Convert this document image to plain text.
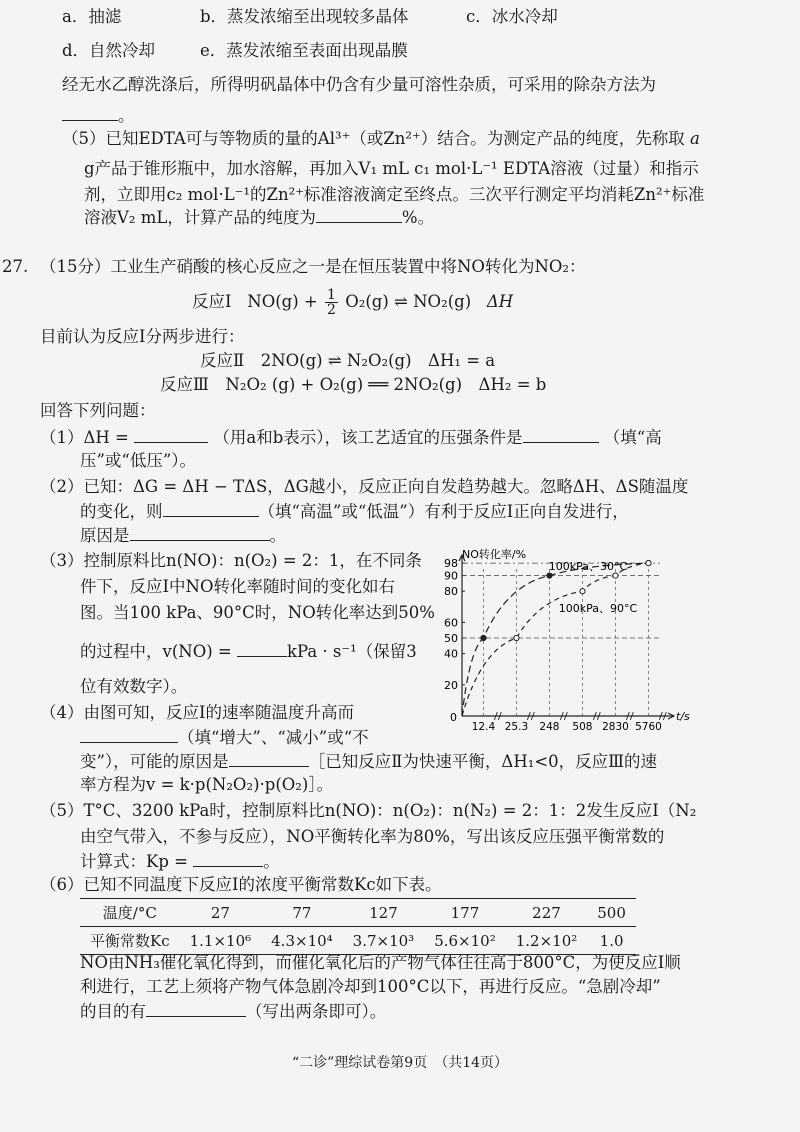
a．抽滤	b．蒸发浓缩至出现较多晶体	c．冰水冷却
d．自然冷却	e．蒸发浓缩至表面出现晶膜
经无水乙醇洗涤后，所得明矾晶体中仍含有少量可溶性杂质，可采用的除杂方法为
。
（5）已知EDTA可与等物质的量的Al³⁺（或Zn²⁺）结合。为测定产品的纯度，先称取 a
g产品于锥形瓶中，加水溶解，再加入V₁ mL c₁ mol·L⁻¹ EDTA溶液（过量）和指示
剂，立即用c₂ mol·L⁻¹的Zn²⁺标准溶液滴定至终点。三次平行测定平均消耗Zn²⁺标准
溶液V₂ mL，计算产品的纯度为	%。
27. （15分）工业生产硝酸的核心反应之一是在恒压装置中将NO转化为NO₂：
反应Ⅰ $NO(g) + \frac{1}{2} O_2(g)$ ⇌ NO₂(g) ΔH
目前认为反应Ⅰ分两步进行：
反应Ⅱ　2NO(g) ⇌ N₂O₂(g)　ΔH₁ = a
反应Ⅲ　N₂O₂ (g) + O₂(g) ══ 2NO₂(g)　ΔH₂ = b
回答下列问题：
（1）ΔH =	（用a和b表示），该工艺适宜的压强条件是	（填“高
压”或“低压”）。
（2）已知：ΔG = ΔH − TΔS，ΔG越小，反应正向自发趋势越大。忽略ΔH、ΔS随温度
的变化，则	（填“高温”或“低温”）有利于反应Ⅰ正向自发进行，
原因是	。
（3）控制原料比n(NO)：n(O₂) = 2：1，在不同条
件下，反应Ⅰ中NO转化率随时间的变化如右
图。当100 kPa、90°C时，NO转化率达到50%
的过程中，v(NO) =	kPa · s⁻¹（保留3
位有效数字）。
（4）由图可知，反应Ⅰ的速率随温度升高而
（填“增大”、“减小”或“不
变”），可能的原因是	［已知反应Ⅱ为快速平衡，ΔH₁<0，反应Ⅲ的速
率方程为v = k·p(N₂O₂)·p(O₂)］。
（5）T°C、3200 kPa时，控制原料比n(NO)：n(O₂)：n(N₂) = 2：1：2发生反应Ⅰ（N₂
由空气带入，不参与反应），NO平衡转化率为80%，写出该反应压强平衡常数的
计算式：Kp =	。
（6）已知不同温度下反应Ⅰ的浓度平衡常数Kc如下表。
温度/°C	27	77	127	177	227	500
平衡常数Kc	1.1×10⁶	4.3×10⁴	3.7×10³	5.6×10²	1.2×10²	1.0
NO由NH₃催化氧化得到，而催化氧化后的产物气体往往高于800°C，为使反应Ⅰ顺
利进行，工艺上须将产物气体急剧冷却到100°C以下，再进行反应。“急剧冷却”
的目的有	（写出两条即可）。
“二诊”理综试卷第9页　（共14页）
NO转化率/%
t/s
0
20
40
50
60
80
90
98
12.4 25.3 248 508 2830 5760
100kPa、30°C
100kPa、90°C
